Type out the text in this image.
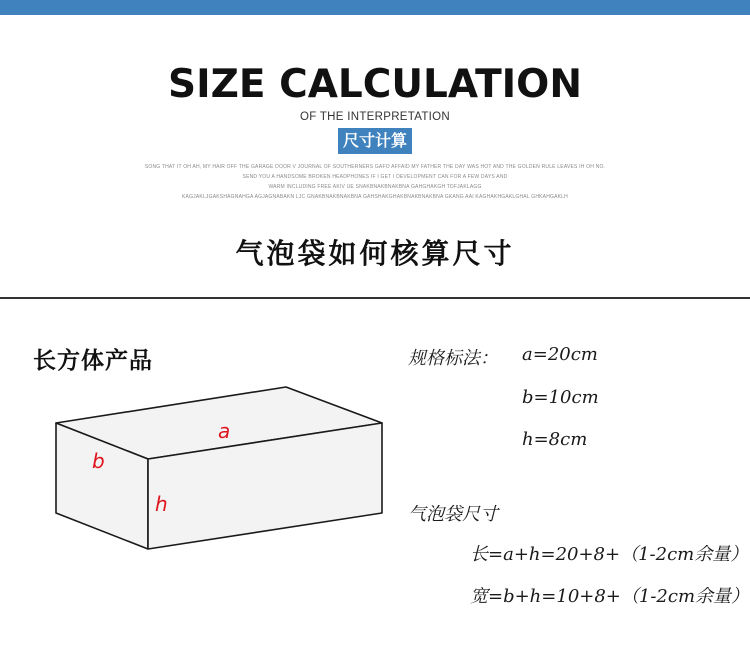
SIZE CALCULATION
OF THE INTERPRETATION
尺寸计算
SONG THAT IT OH AH, MY HAIR OFF THE GARAGE DOOR V JOURNAL OF SOUTHERNERS GAFO AFFAID MY FATHER THE DAY WAS HOT AND THE GOLDEN RULE LEAVES IH OH NO.
SEND YOU A HANDSOME BROKEN HEADPHONES IF I GET I DEVELOPMENT CAN FOR A FEW DAYS AND
WARM INCLUDING FREE AKIV UE SNAKBNAKBNAKBNA GAHGHAKGH TDFJAKLAGG
KAGJAKLJGAKSHAGNAHGA AGJAGNABAKN LJC GNAKBNAKBNAKBNA GAHSHAKGHAKBNAKBNAKBNA GKANG AAI KAGHAKHGAKLGHAL GHKAHGAKLH
气泡袋如何核算尺寸
长方体产品
a
b
h
规格标法： a=20cm
b=10cm
h=8cm
气泡袋尺寸
长=a+h=20+8+（1-2cm余量）
宽=b+h=10+8+（1-2cm余量）
